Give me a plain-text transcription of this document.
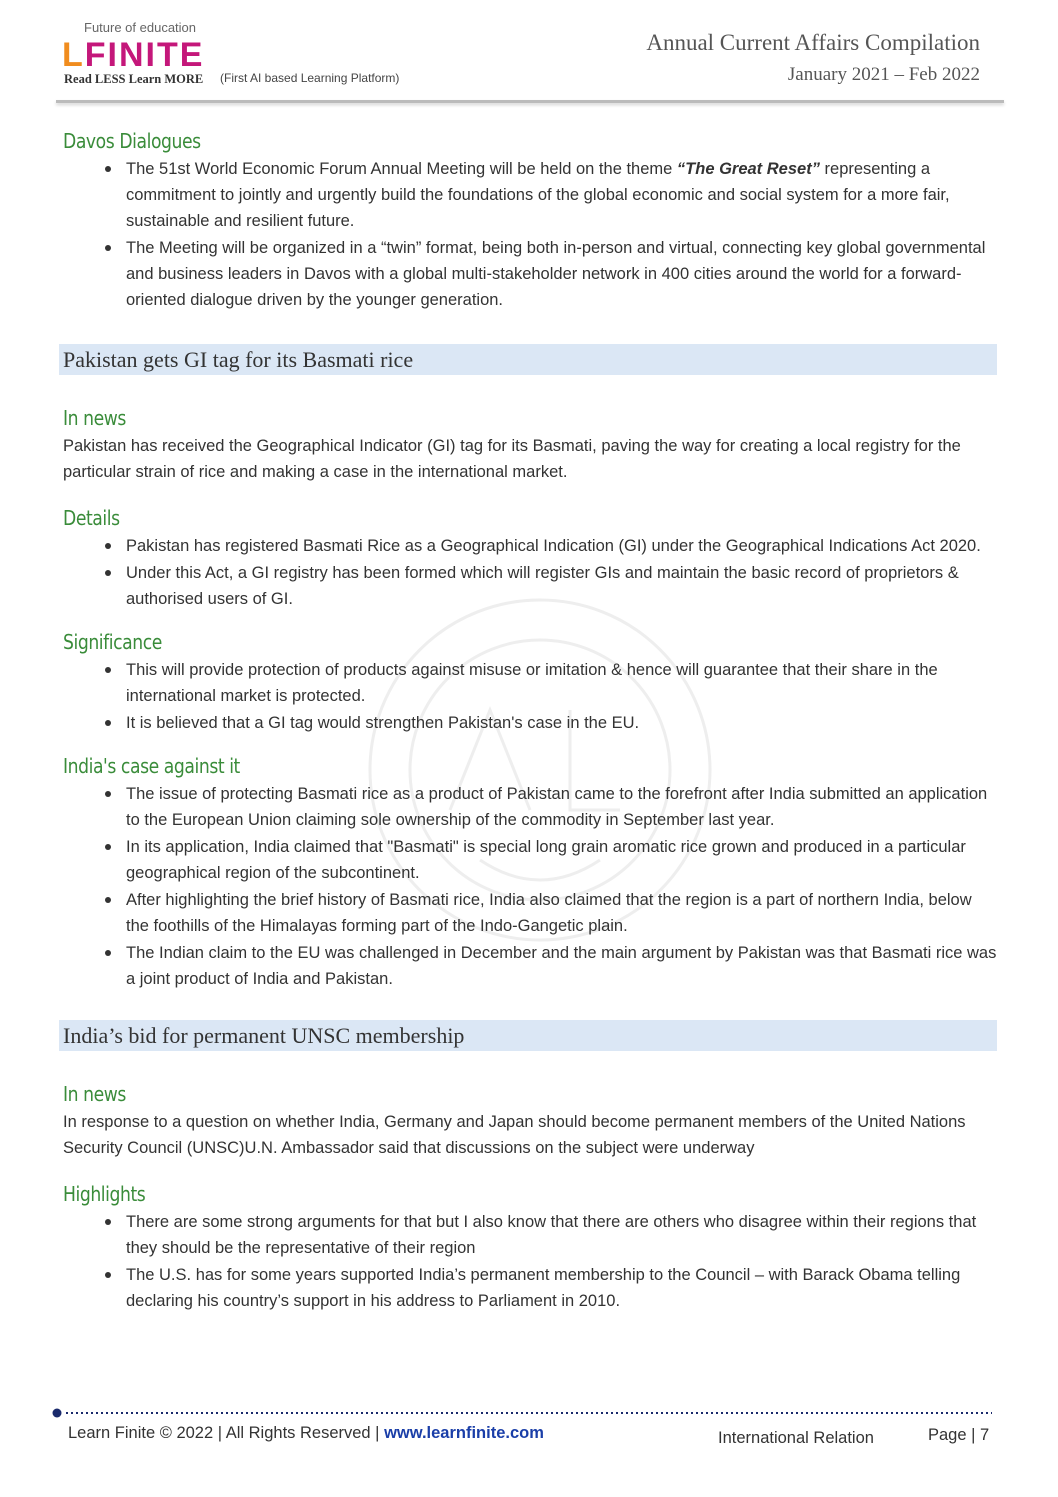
Future of education
LFINITE
Read LESS Learn MORE (First AI based Learning Platform)
Annual Current Affairs Compilation
January 2021 – Feb 2022
Davos Dialogues
The 51st World Economic Forum Annual Meeting will be held on the theme “The Great Reset” representing a commitment to jointly and urgently build the foundations of the global economic and social system for a more fair, sustainable and resilient future.
The Meeting will be organized in a “twin” format, being both in-person and virtual, connecting key global governmental and business leaders in Davos with a global multi-stakeholder network in 400 cities around the world for a forward-oriented dialogue driven by the younger generation.
Pakistan gets GI tag for its Basmati rice
In news

Pakistan has received the Geographical Indicator (GI) tag for its Basmati, paving the way for creating a local registry for the particular strain of rice and making a case in the international market.

Details
Pakistan has registered Basmati Rice as a Geographical Indication (GI) under the Geographical Indications Act 2020.
Under this Act, a GI registry has been formed which will register GIs and maintain the basic record of proprietors & authorised users of GI.
Significance
This will provide protection of products against misuse or imitation & hence will guarantee that their share in the international market is protected.
It is believed that a GI tag would strengthen Pakistan's case in the EU.
India's case against it
The issue of protecting Basmati rice as a product of Pakistan came to the forefront after India submitted an application to the European Union claiming sole ownership of the commodity in September last year.
In its application, India claimed that "Basmati" is special long grain aromatic rice grown and produced in a particular geographical region of the subcontinent.
After highlighting the brief history of Basmati rice, India also claimed that the region is a part of northern India, below the foothills of the Himalayas forming part of the Indo-Gangetic plain.
The Indian claim to the EU was challenged in December and the main argument by Pakistan was that Basmati rice was a joint product of India and Pakistan.
India’s bid for permanent UNSC membership
In news

In response to a question on whether India, Germany and Japan should become permanent members of the United Nations Security Council (UNSC)U.N. Ambassador said that discussions on the subject were underway

Highlights
There are some strong arguments for that but I also know that there are others who disagree within their regions that they should be the representative of their region
The U.S. has for some years supported India’s permanent membership to the Council – with Barack Obama telling declaring his country’s support in his address to Parliament in 2010.
Learn Finite © 2022 | All Rights Reserved | www.learnfinite.com	International Relation	Page | 7
